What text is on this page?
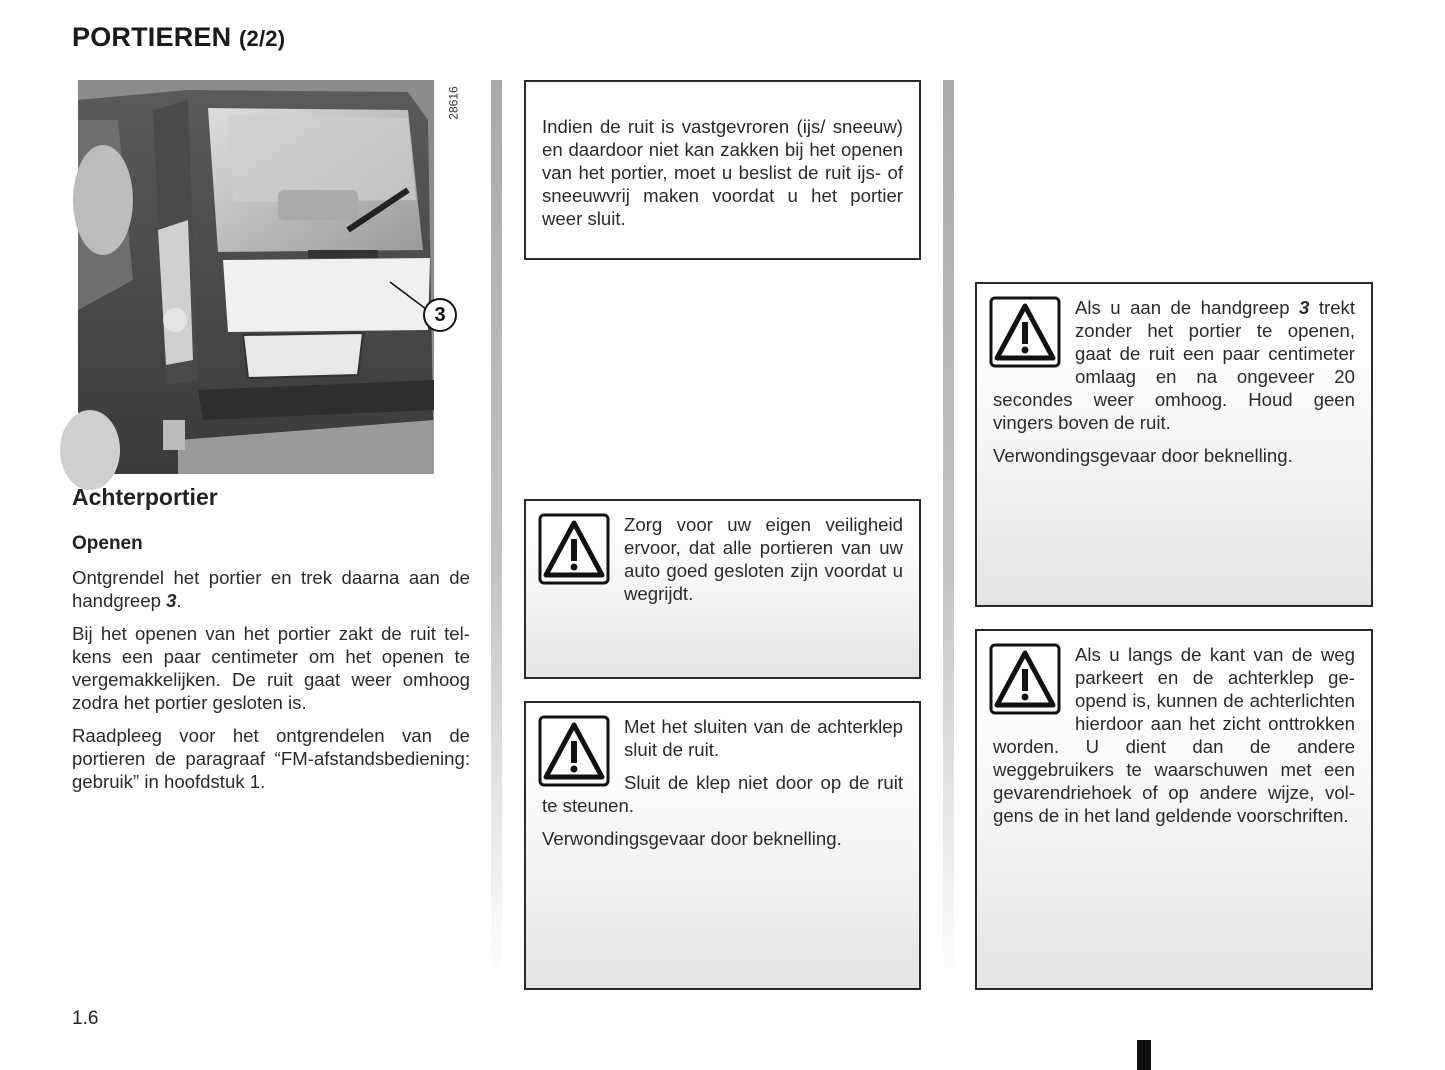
PORTIEREN (2/2)
3
28616
Achterportier
Openen

Ontgrendel het portier en trek daarna aan de handgreep 3.

Bij het openen van het portier zakt de ruit telkens een paar centimeter om het openen te vergemakkelijken. De ruit gaat weer omhoog zodra het portier gesloten is.

Raadpleeg voor het ontgrendelen van de portieren de paragraaf “FM-afstandsbediening: gebruik” in hoofdstuk 1.

Indien de ruit is vastgevroren (ijs/ sneeuw) en daardoor niet kan zakken bij het openen van het portier, moet u beslist de ruit ijs- of sneeuwvrij maken voordat u het portier weer sluit.

Zorg voor uw eigen veiligheid ervoor, dat alle portieren van uw auto goed gesloten zijn voordat u wegrijdt.

Met het sluiten van de achterklep sluit de ruit.

Sluit de klep niet door op de ruit te steunen.

Verwondingsgevaar door beknelling.

Als u aan de handgreep 3 trekt zonder het portier te openen, gaat de ruit een paar centimeter omlaag en na ongeveer 20 secondes weer omhoog. Houd geen vingers boven de ruit.

Verwondingsgevaar door beknelling.

Als u langs de kant van de weg parkeert en de achterklep geopend is, kunnen de achterlichten hierdoor aan het zicht onttrokken worden. U dient dan de andere weggebruikers te waarschuwen met een gevarendriehoek of op andere wijze, volgens de in het land geldende voorschriften.

1.6
